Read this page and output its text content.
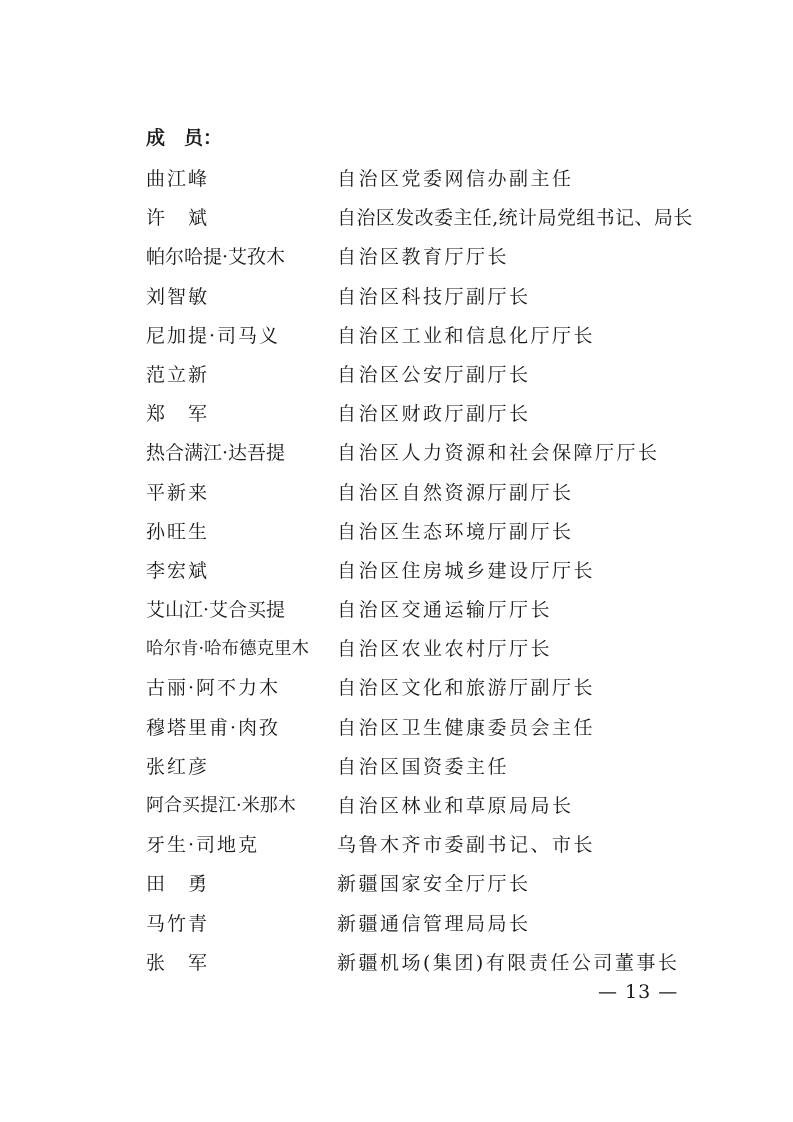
成　员：
曲江峰	自治区党委网信办副主任
许　斌	自治区发改委主任,统计局党组书记、局长
帕尔哈提·艾孜木	自治区教育厅厅长
刘智敏	自治区科技厅副厅长
尼加提·司马义	自治区工业和信息化厅厅长
范立新	自治区公安厅副厅长
郑　军	自治区财政厅副厅长
热合满江·达吾提	自治区人力资源和社会保障厅厅长
平新来	自治区自然资源厅副厅长
孙旺生	自治区生态环境厅副厅长
李宏斌	自治区住房城乡建设厅厅长
艾山江·艾合买提	自治区交通运输厅厅长
哈尔肯·哈布德克里木 自治区农业农村厅厅长
古丽·阿不力木	自治区文化和旅游厅副厅长
穆塔里甫·肉孜	自治区卫生健康委员会主任
张红彦	自治区国资委主任
阿合买提江·米那木 自治区林业和草原局局长
牙生·司地克	乌鲁木齐市委副书记、市长
田　勇	新疆国家安全厅厅长
马竹青	新疆通信管理局局长
张　军	新疆机场(集团)有限责任公司董事长
— 13 —
